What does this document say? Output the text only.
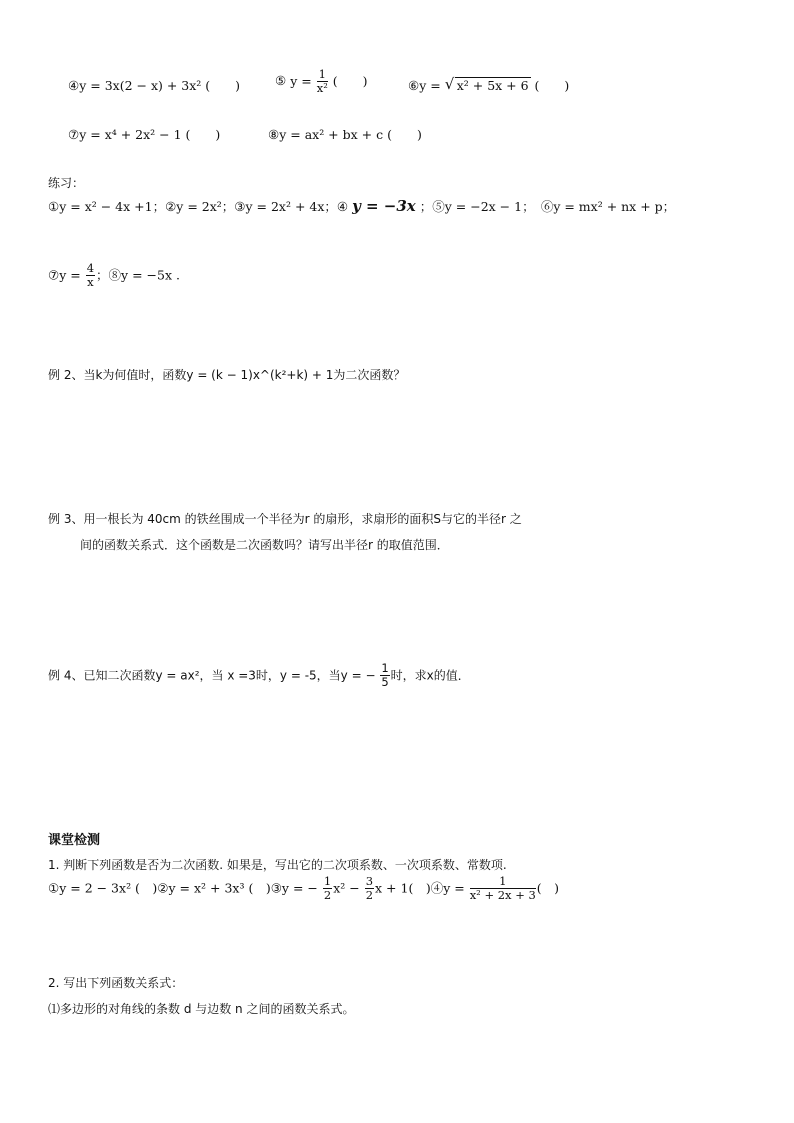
④y = 3x(2 − x) + 3x² (　　)	⑤ $y = \frac{1}{\text{x²}}$ (　　)	⑥y = √ x² + 5x + 6 (　　)
⑦y = x⁴ + 2x² − 1 (　　)	⑧y = ax² + bx + c (　　)
练习：
①y = x² − 4x +1；②y = 2x²；③y = 2x² + 4x；④ y = −3x ；⑤y = −2x − 1；　⑥y = mx² + nx + p；
⑦y = $\frac{4}{x}$ ；⑧y = −5x .
例 2、当k为何值时，函数y = (k − 1)x^(k²+k) + 1为二次函数？
例 3、用一根长为 40cm 的铁丝围成一个半径为r 的扇形，求扇形的面积S与它的半径r 之
间的函数关系式．这个函数是二次函数吗？请写出半径r 的取值范围．
例 4、已知二次函数y = ax²，当 x =3时，y = -5，当y = − $\frac{1}{5}$ 时，求x的值．
课堂检测
1. 判断下列函数是否为二次函数. 如果是，写出它的二次项系数、一次项系数、常数项.
①y = 2 − 3x² (　)②y = x² + 3x³ (　)③y = − $\frac{1}{2} x^2 - \frac{3}{2}$ x + 1(　)④y = $\frac{1}{\text{x² + 2x + 3}}$ (　)
2. 写出下列函数关系式：
⑴多边形的对角线的条数 d 与边数 n 之间的函数关系式。
